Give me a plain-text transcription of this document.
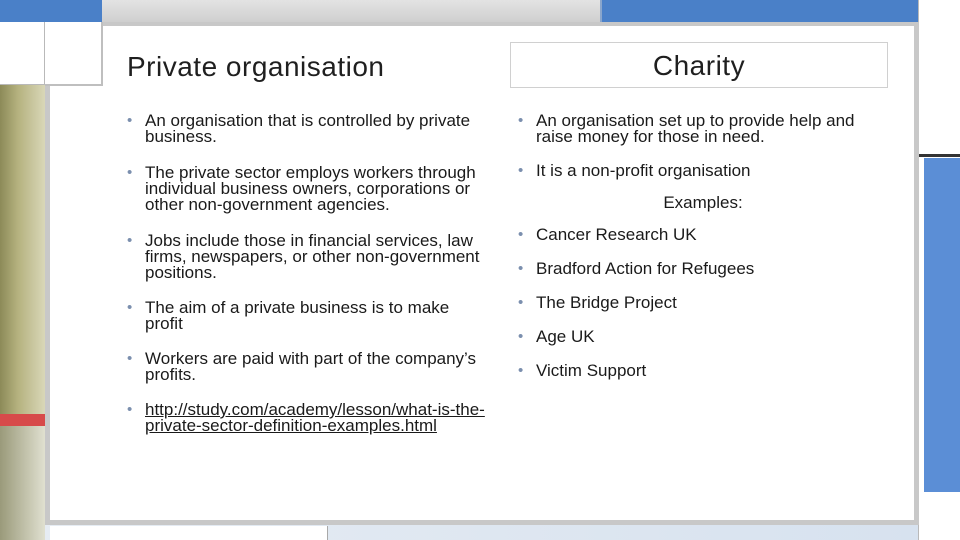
Private organisation
• An organisation that is controlled by private business.
• The private sector employs workers through individual business owners, corporations or other non-government agencies.
• Jobs include those in financial services, law firms, newspapers, or other non-government positions.
• The aim of a private business is to make profit
• Workers are paid with part of the company’s profits.
• http://study.com/academy/lesson/what-is-the-private-sector-definition-examples.html
Charity
• An organisation set up to provide help and raise money for those in need.
• It is a non-profit organisation
Examples:
• Cancer Research UK
• Bradford Action for Refugees
• The Bridge Project
• Age UK
• Victim Support
